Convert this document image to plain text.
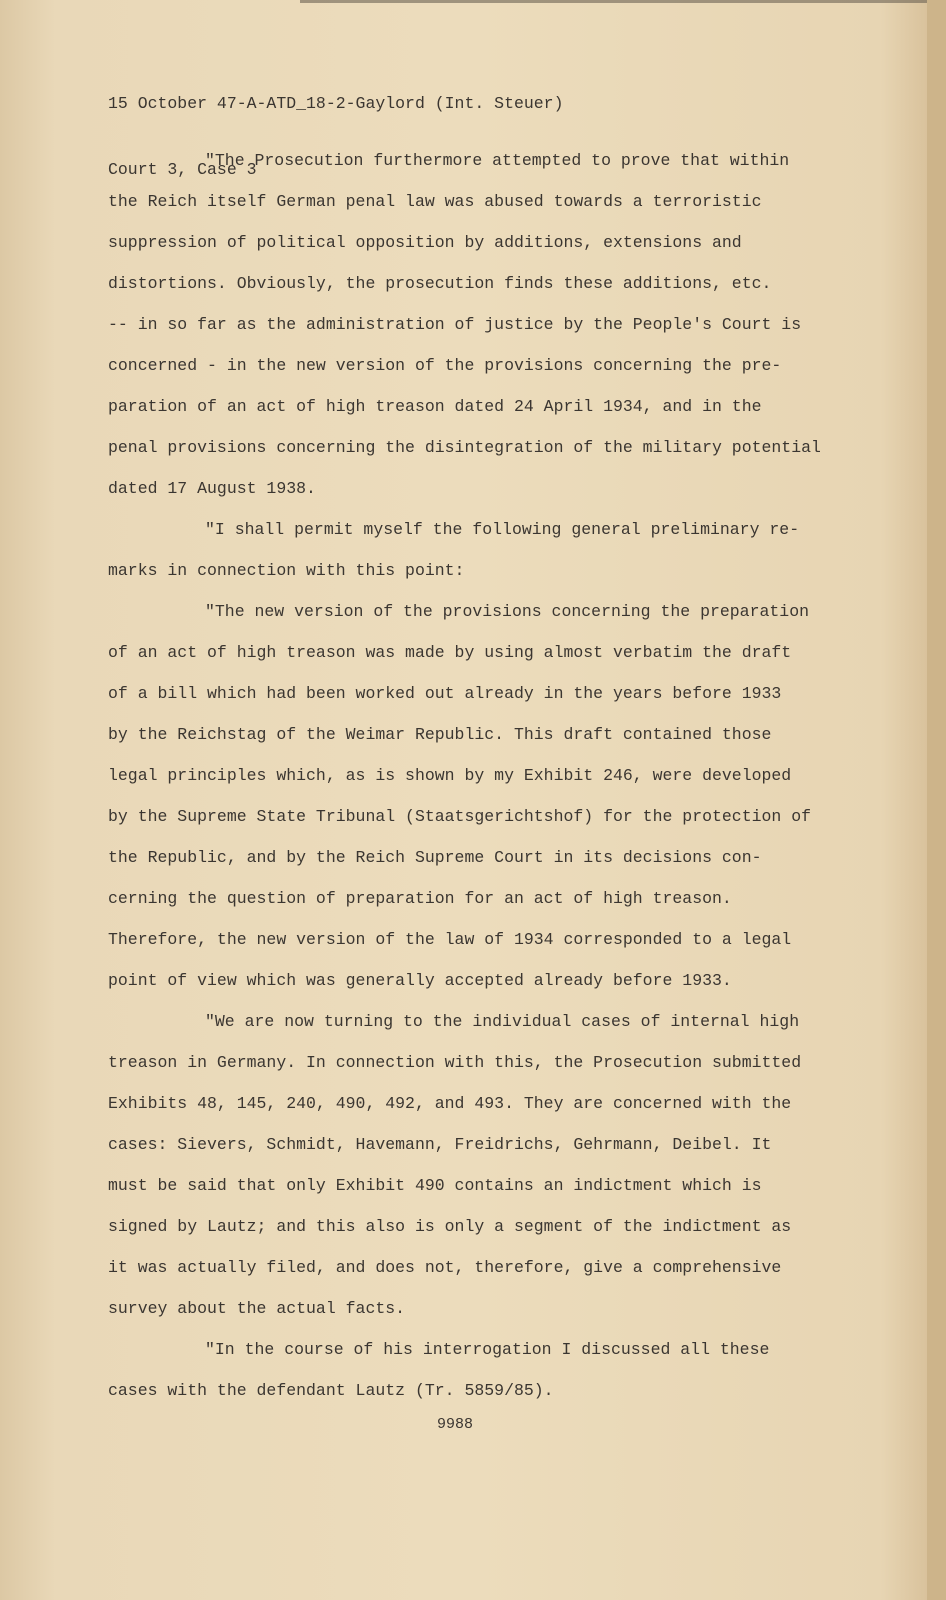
15 October 47-A-ATD_18-2-Gaylord (Int. Steuer)

Court 3, Case 3

"The Prosecution furthermore attempted to prove that within
the Reich itself German penal law was abused towards a terroristic
suppression of political opposition by additions, extensions and
distortions. Obviously, the prosecution finds these additions, etc.
-- in so far as the administration of justice by the People's Court is
concerned - in the new version of the provisions concerning the pre-
paration of an act of high treason dated 24 April 1934, and in the
penal provisions concerning the disintegration of the military potential
dated 17 August 1938.
"I shall permit myself the following general preliminary re-
marks in connection with this point:
"The new version of the provisions concerning the preparation
of an act of high treason was made by using almost verbatim the draft
of a bill which had been worked out already in the years before 1933
by the Reichstag of the Weimar Republic. This draft contained those
legal principles which, as is shown by my Exhibit 246, were developed
by the Supreme State Tribunal (Staatsgerichtshof) for the protection of
the Republic, and by the Reich Supreme Court in its decisions con-
cerning the question of preparation for an act of high treason.
Therefore, the new version of the law of 1934 corresponded to a legal
point of view which was generally accepted already before 1933.
"We are now turning to the individual cases of internal high
treason in Germany. In connection with this, the Prosecution submitted
Exhibits 48, 145, 240, 490, 492, and 493. They are concerned with the
cases: Sievers, Schmidt, Havemann, Freidrichs, Gehrmann, Deibel. It
must be said that only Exhibit 490 contains an indictment which is
signed by Lautz; and this also is only a segment of the indictment as
it was actually filed, and does not, therefore, give a comprehensive
survey about the actual facts.
"In the course of his interrogation I discussed all these
cases with the defendant Lautz (Tr. 5859/85).
9988
